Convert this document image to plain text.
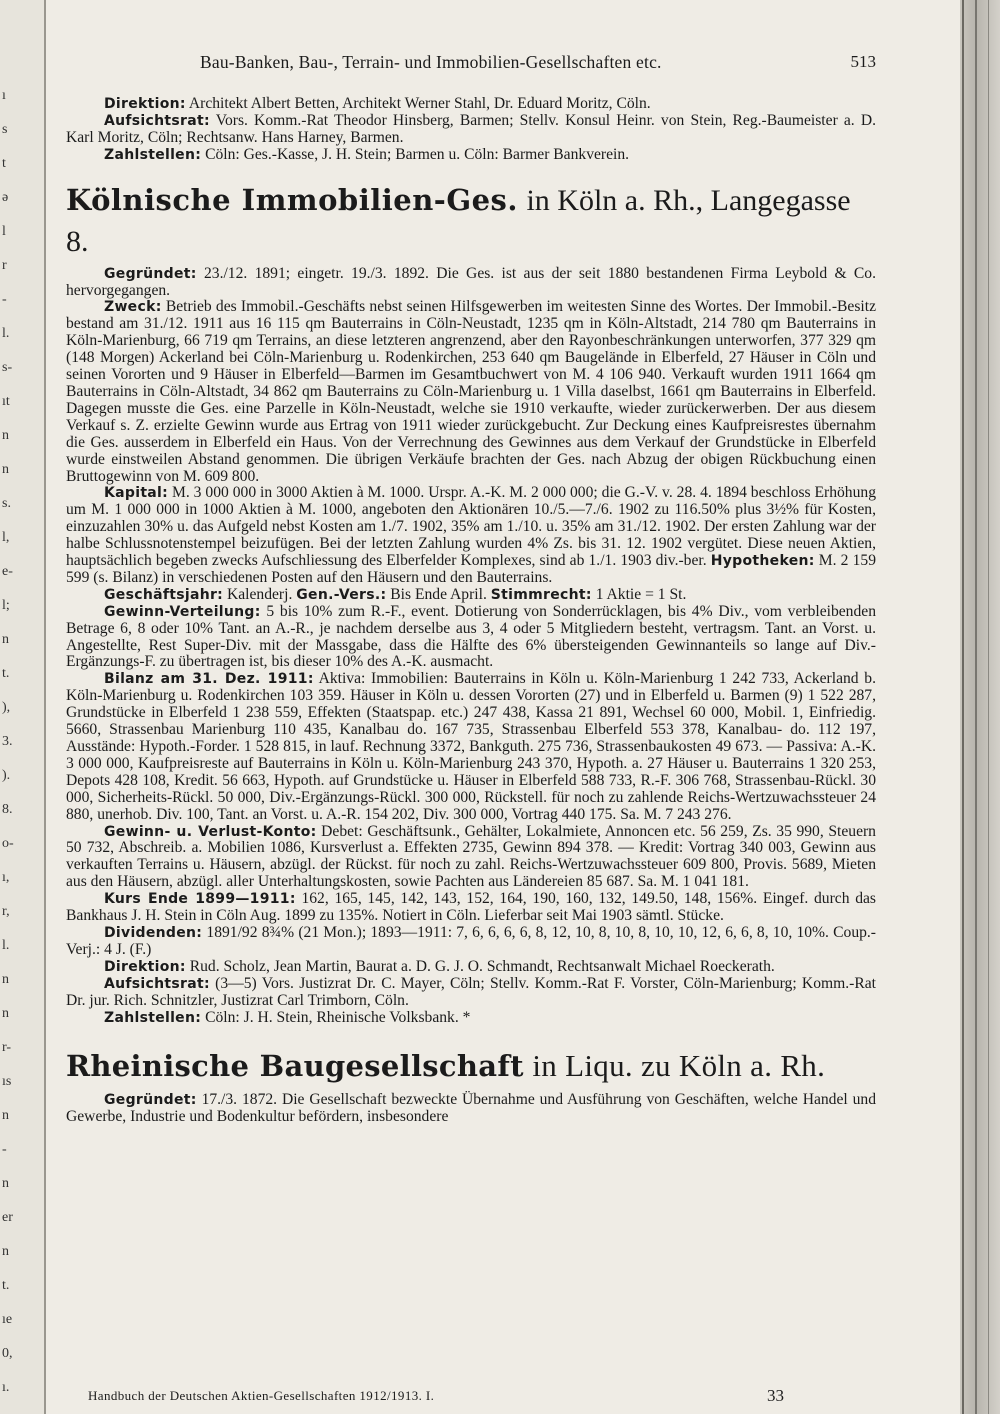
ı
s
t
ə
l
r
-
l.
s-
ıt
n
n
s.
l,
e-
l;
n
t.
),
3.
).
8.
o-
ı,
r,
l.
n
n
r-
ıs
n
-
n
er
n
t.
ıe
0,
ı.
Bau-Banken, Bau-, Terrain- und Immobilien-Gesellschaften etc.	513

Direktion: Architekt Albert Betten, Architekt Werner Stahl, Dr. Eduard Moritz, Cöln.

Aufsichtsrat: Vors. Komm.-Rat Theodor Hinsberg, Barmen; Stellv. Konsul Heinr. von Stein, Reg.-Baumeister a. D. Karl Moritz, Cöln; Rechtsanw. Hans Harney, Barmen.

Zahlstellen: Cöln: Ges.-Kasse, J. H. Stein; Barmen u. Cöln: Barmer Bankverein.

Kölnische Immobilien-Ges. in Köln a. Rh., Langegasse 8.

Gegründet: 23./12. 1891; eingetr. 19./3. 1892. Die Ges. ist aus der seit 1880 bestandenen Firma Leybold & Co. hervorgegangen.

Zweck: Betrieb des Immobil.-Geschäfts nebst seinen Hilfsgewerben im weitesten Sinne des Wortes. Der Immobil.-Besitz bestand am 31./12. 1911 aus 16 115 qm Bauterrains in Cöln-Neustadt, 1235 qm in Köln-Altstadt, 214 780 qm Bauterrains in Köln-Marienburg, 66 719 qm Terrains, an diese letzteren angrenzend, aber den Rayonbeschränkungen unterworfen, 377 329 qm (148 Morgen) Ackerland bei Cöln-Marienburg u. Rodenkirchen, 253 640 qm Baugelände in Elberfeld, 27 Häuser in Cöln und seinen Vororten und 9 Häuser in Elberfeld—Barmen im Gesamtbuchwert von M. 4 106 940. Verkauft wurden 1911 1664 qm Bauterrains in Cöln-Altstadt, 34 862 qm Bauterrains zu Cöln-Marienburg u. 1 Villa daselbst, 1661 qm Bauterrains in Elberfeld. Dagegen musste die Ges. eine Parzelle in Köln-Neustadt, welche sie 1910 verkaufte, wieder zurückerwerben. Der aus diesem Verkauf s. Z. erzielte Gewinn wurde aus Ertrag von 1911 wieder zurückgebucht. Zur Deckung eines Kaufpreisrestes übernahm die Ges. ausserdem in Elberfeld ein Haus. Von der Verrechnung des Gewinnes aus dem Verkauf der Grundstücke in Elberfeld wurde einstweilen Abstand genommen. Die übrigen Verkäufe brachten der Ges. nach Abzug der obigen Rückbuchung einen Bruttogewinn von M. 609 800.

Kapital: M. 3 000 000 in 3000 Aktien à M. 1000. Urspr. A.-K. M. 2 000 000; die G.-V. v. 28. 4. 1894 beschloss Erhöhung um M. 1 000 000 in 1000 Aktien à M. 1000, angeboten den Aktionären 10./5.—7./6. 1902 zu 116.50% plus 3½% für Kosten, einzuzahlen 30% u. das Aufgeld nebst Kosten am 1./7. 1902, 35% am 1./10. u. 35% am 31./12. 1902. Der ersten Zahlung war der halbe Schlussnotenstempel beizufügen. Bei der letzten Zahlung wurden 4% Zs. bis 31. 12. 1902 vergütet. Diese neuen Aktien, hauptsächlich begeben zwecks Aufschliessung des Elberfelder Komplexes, sind ab 1./1. 1903 div.-ber. Hypotheken: M. 2 159 599 (s. Bilanz) in verschiedenen Posten auf den Häusern und den Bauterrains.

Geschäftsjahr: Kalenderj. Gen.-Vers.: Bis Ende April. Stimmrecht: 1 Aktie = 1 St.

Gewinn-Verteilung: 5 bis 10% zum R.-F., event. Dotierung von Sonderrücklagen, bis 4% Div., vom verbleibenden Betrage 6, 8 oder 10% Tant. an A.-R., je nachdem derselbe aus 3, 4 oder 5 Mitgliedern besteht, vertragsm. Tant. an Vorst. u. Angestellte, Rest Super-Div. mit der Massgabe, dass die Hälfte des 6% übersteigenden Gewinnanteils so lange auf Div.-Ergänzungs-F. zu übertragen ist, bis dieser 10% des A.-K. ausmacht.

Bilanz am 31. Dez. 1911: Aktiva: Immobilien: Bauterrains in Köln u. Köln-Marienburg 1 242 733, Ackerland b. Köln-Marienburg u. Rodenkirchen 103 359. Häuser in Köln u. dessen Vororten (27) und in Elberfeld u. Barmen (9) 1 522 287, Grundstücke in Elberfeld 1 238 559, Effekten (Staatspap. etc.) 247 438, Kassa 21 891, Wechsel 60 000, Mobil. 1, Einfriedig. 5660, Strassenbau Marienburg 110 435, Kanalbau do. 167 735, Strassenbau Elberfeld 553 378, Kanalbau- do. 112 197, Ausstände: Hypoth.-Forder. 1 528 815, in lauf. Rechnung 3372, Bankguth. 275 736, Strassenbaukosten 49 673. — Passiva: A.-K. 3 000 000, Kaufpreisreste auf Bauterrains in Köln u. Köln-Marienburg 243 370, Hypoth. a. 27 Häuser u. Bauterrains 1 320 253, Depots 428 108, Kredit. 56 663, Hypoth. auf Grundstücke u. Häuser in Elberfeld 588 733, R.-F. 306 768, Strassenbau-Rückl. 30 000, Sicherheits-Rückl. 50 000, Div.-Ergänzungs-Rückl. 300 000, Rückstell. für noch zu zahlende Reichs-Wertzuwachssteuer 24 880, unerhob. Div. 100, Tant. an Vorst. u. A.-R. 154 202, Div. 300 000, Vortrag 440 175. Sa. M. 7 243 276.

Gewinn- u. Verlust-Konto: Debet: Geschäftsunk., Gehälter, Lokalmiete, Annoncen etc. 56 259, Zs. 35 990, Steuern 50 732, Abschreib. a. Mobilien 1086, Kursverlust a. Effekten 2735, Gewinn 894 378. — Kredit: Vortrag 340 003, Gewinn aus verkauften Terrains u. Häusern, abzügl. der Rückst. für noch zu zahl. Reichs-Wertzuwachssteuer 609 800, Provis. 5689, Mieten aus den Häusern, abzügl. aller Unterhaltungskosten, sowie Pachten aus Ländereien 85 687. Sa. M. 1 041 181.

Kurs Ende 1899—1911: 162, 165, 145, 142, 143, 152, 164, 190, 160, 132, 149.50, 148, 156%. Eingef. durch das Bankhaus J. H. Stein in Cöln Aug. 1899 zu 135%. Notiert in Cöln. Lieferbar seit Mai 1903 sämtl. Stücke.

Dividenden: 1891/92 8¾% (21 Mon.); 1893—1911: 7, 6, 6, 6, 6, 8, 12, 10, 8, 10, 8, 10, 10, 12, 6, 6, 8, 10, 10%. Coup.-Verj.: 4 J. (F.)

Direktion: Rud. Scholz, Jean Martin, Baurat a. D. G. J. O. Schmandt, Rechtsanwalt Michael Roeckerath.

Aufsichtsrat: (3—5) Vors. Justizrat Dr. C. Mayer, Cöln; Stellv. Komm.-Rat F. Vorster, Cöln-Marienburg; Komm.-Rat Dr. jur. Rich. Schnitzler, Justizrat Carl Trimborn, Cöln.

Zahlstellen: Cöln: J. H. Stein, Rheinische Volksbank. *

Rheinische Baugesellschaft in Liqu. zu Köln a. Rh.

Gegründet: 17./3. 1872. Die Gesellschaft bezweckte Übernahme und Ausführung von Geschäften, welche Handel und Gewerbe, Industrie und Bodenkultur befördern, insbesondere

Handbuch der Deutschen Aktien-Gesellschaften 1912/1913. I.	33
